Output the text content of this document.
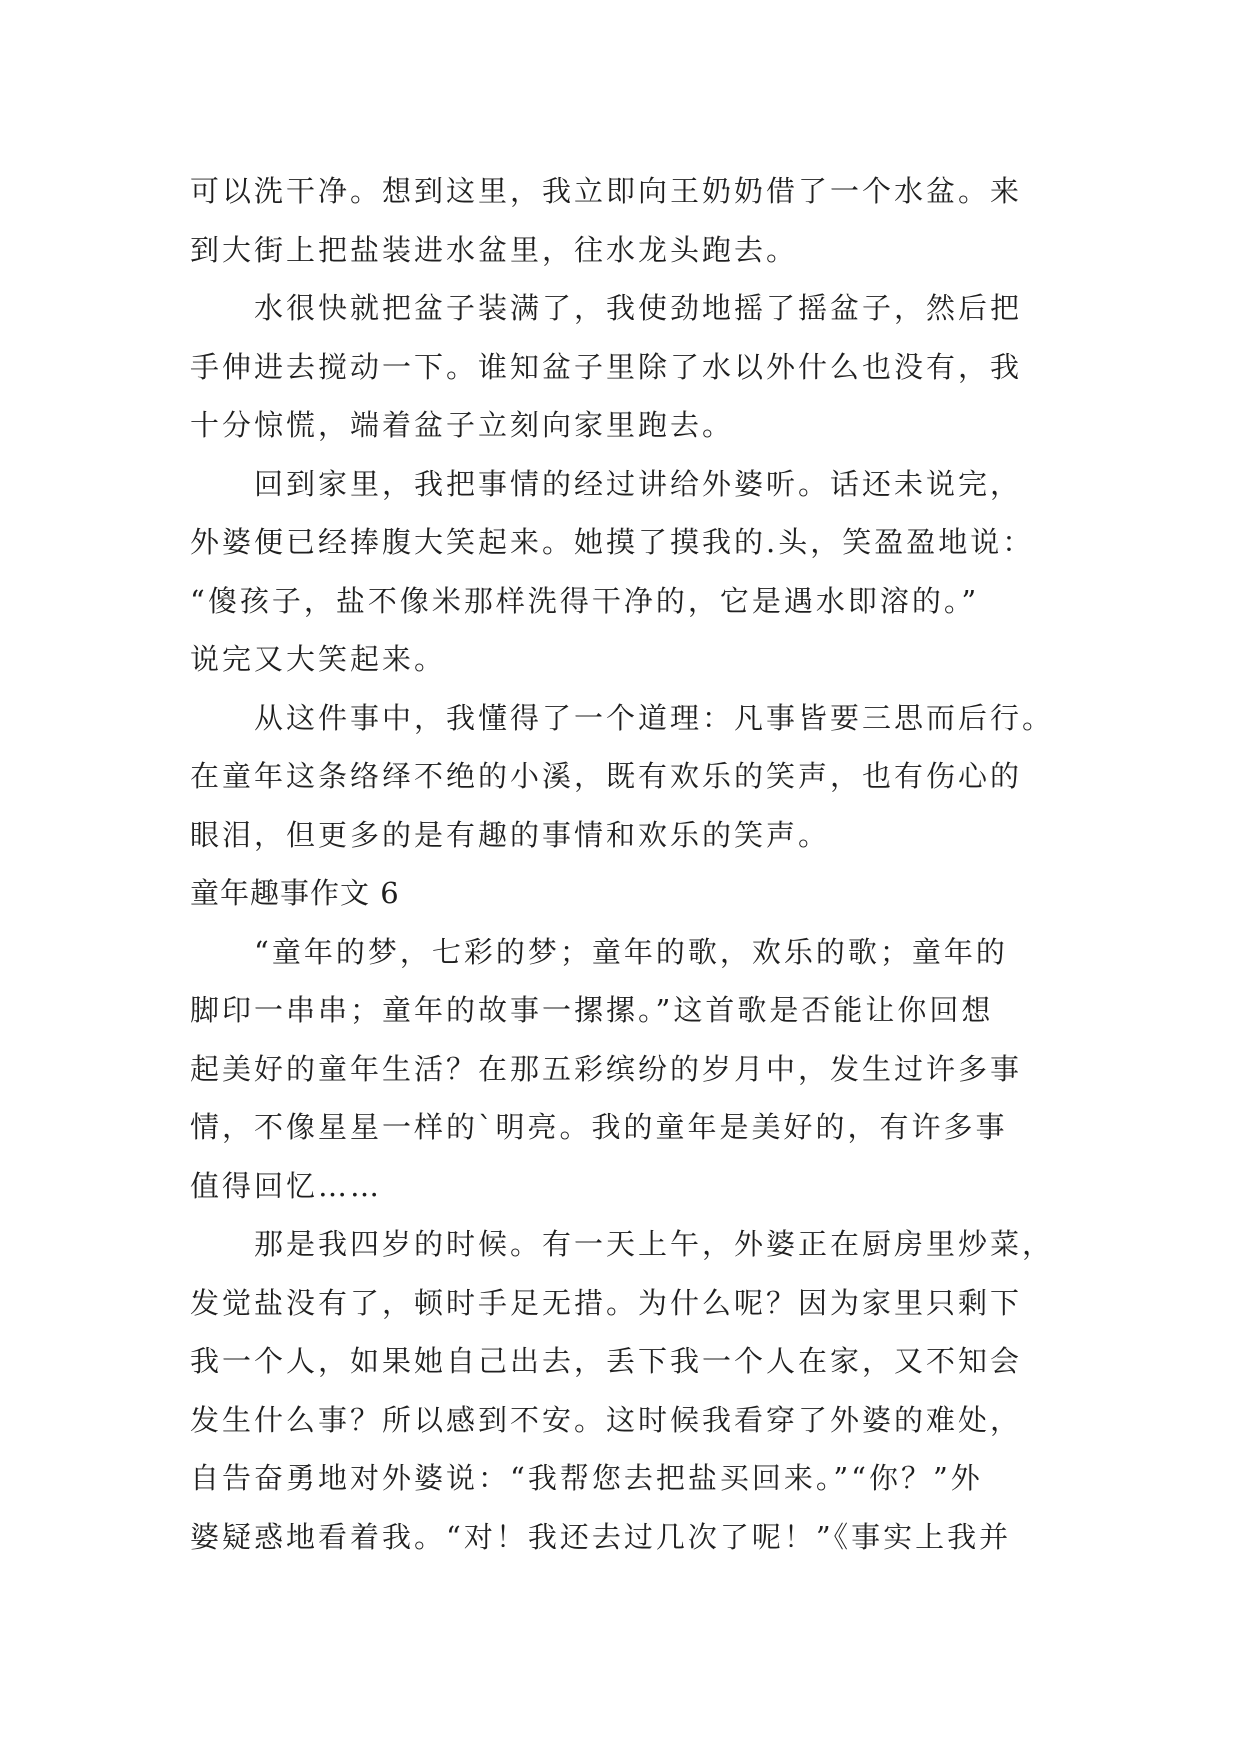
可以洗干净。想到这里，我立即向王奶奶借了一个水盆。来
到大街上把盐装进水盆里，往水龙头跑去。
水很快就把盆子装满了，我使劲地摇了摇盆子，然后把
手伸进去搅动一下。谁知盆子里除了水以外什么也没有，我
十分惊慌，端着盆子立刻向家里跑去。
回到家里，我把事情的经过讲给外婆听。话还未说完，
外婆便已经捧腹大笑起来。她摸了摸我的.头，笑盈盈地说：
“傻孩子，盐不像米那样洗得干净的，它是遇水即溶的。”
说完又大笑起来。
从这件事中，我懂得了一个道理：凡事皆要三思而后行。
在童年这条络绎不绝的小溪，既有欢乐的笑声，也有伤心的
眼泪，但更多的是有趣的事情和欢乐的笑声。
童年趣事作文 6
“童年的梦，七彩的梦；童年的歌，欢乐的歌；童年的
脚印一串串；童年的故事一摞摞。”这首歌是否能让你回想
起美好的童年生活？在那五彩缤纷的岁月中，发生过许多事
情，不像星星一样的`明亮。我的童年是美好的，有许多事
值得回忆……
那是我四岁的时候。有一天上午，外婆正在厨房里炒菜，
发觉盐没有了，顿时手足无措。为什么呢？因为家里只剩下
我一个人，如果她自己出去，丢下我一个人在家，又不知会
发生什么事？所以感到不安。这时候我看穿了外婆的难处，
自告奋勇地对外婆说：“我帮您去把盐买回来。”“你？”外
婆疑惑地看着我。“对！我还去过几次了呢！”《事实上我并
